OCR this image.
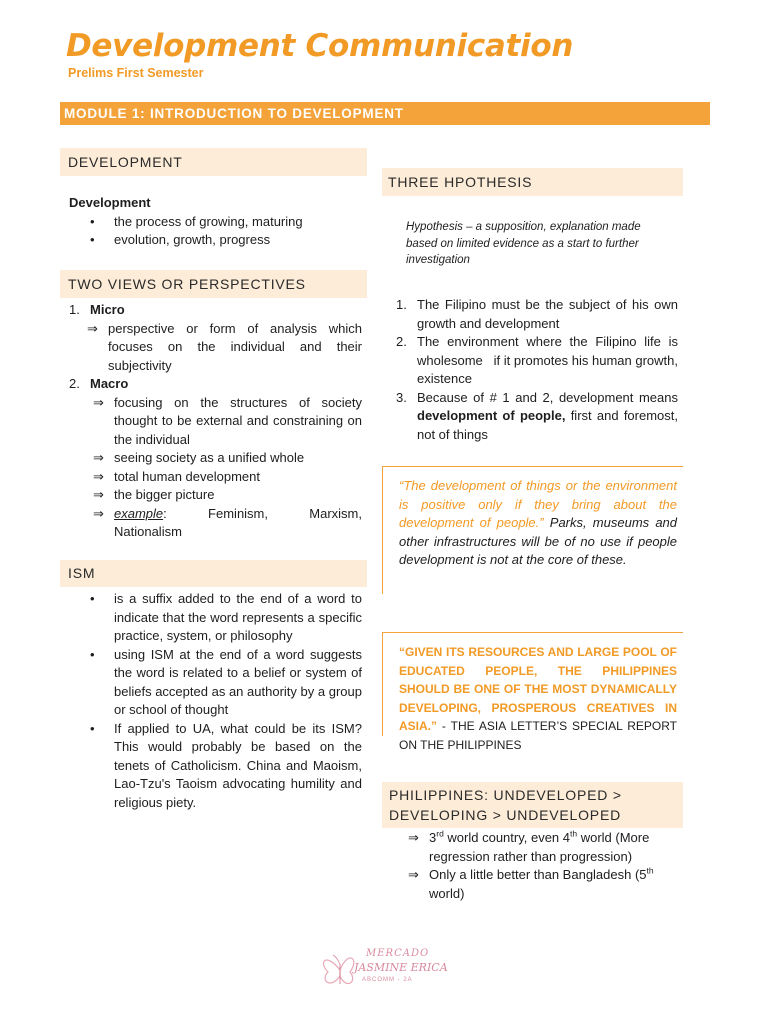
Development Communication
Prelims First Semester
MODULE 1: INTRODUCTION TO DEVELOPMENT
DEVELOPMENT
Development
• the process of growing, maturing
• evolution, growth, progress
TWO VIEWS OR PERSPECTIVES
1. Micro
⇒ perspective or form of analysis which focuses on the individual and their subjectivity
2. Macro
⇒ focusing on the structures of society thought to be external and constraining on the individual
⇒ seeing society as a unified whole
⇒ total human development
⇒ the bigger picture
⇒ example: Feminism, Marxism, Nationalism
ISM
• is a suffix added to the end of a word to indicate that the word represents a specific practice, system, or philosophy
• using ISM at the end of a word suggests the word is related to a belief or system of beliefs accepted as an authority by a group or school of thought
• If applied to UA, what could be its ISM? This would probably be based on the tenets of Catholicism. China and Maoism, Lao-Tzu's Taoism advocating humility and religious piety.
THREE HPOTHESIS
Hypothesis – a supposition, explanation made based on limited evidence as a start to further investigation
1. The Filipino must be the subject of his own growth and development
2. The environment where the Filipino life is wholesome   if it promotes his human growth, existence
3. Because of # 1 and 2, development means development of people, first and foremost, not of things
“The development of things or the environment is positive only if they bring about the development of people.” Parks, museums and other infrastructures will be of no use if people development is not at the core of these.
“GIVEN ITS RESOURCES AND LARGE POOL OF EDUCATED PEOPLE, THE PHILIPPINES SHOULD BE ONE OF THE MOST DYNAMICALLY DEVELOPING, PROSPEROUS CREATIVES IN ASIA.” - THE ASIA LETTER’S SPECIAL REPORT ON THE PHILIPPINES
PHILIPPINES: UNDEVELOPED >
DEVELOPING > UNDEVELOPED
⇒ 3rd world country, even 4th world (More regression rather than progression)
⇒ Only a little better than Bangladesh (5th world)
MERCADO
JASMINE ERICA
ABCOMM - 2A
